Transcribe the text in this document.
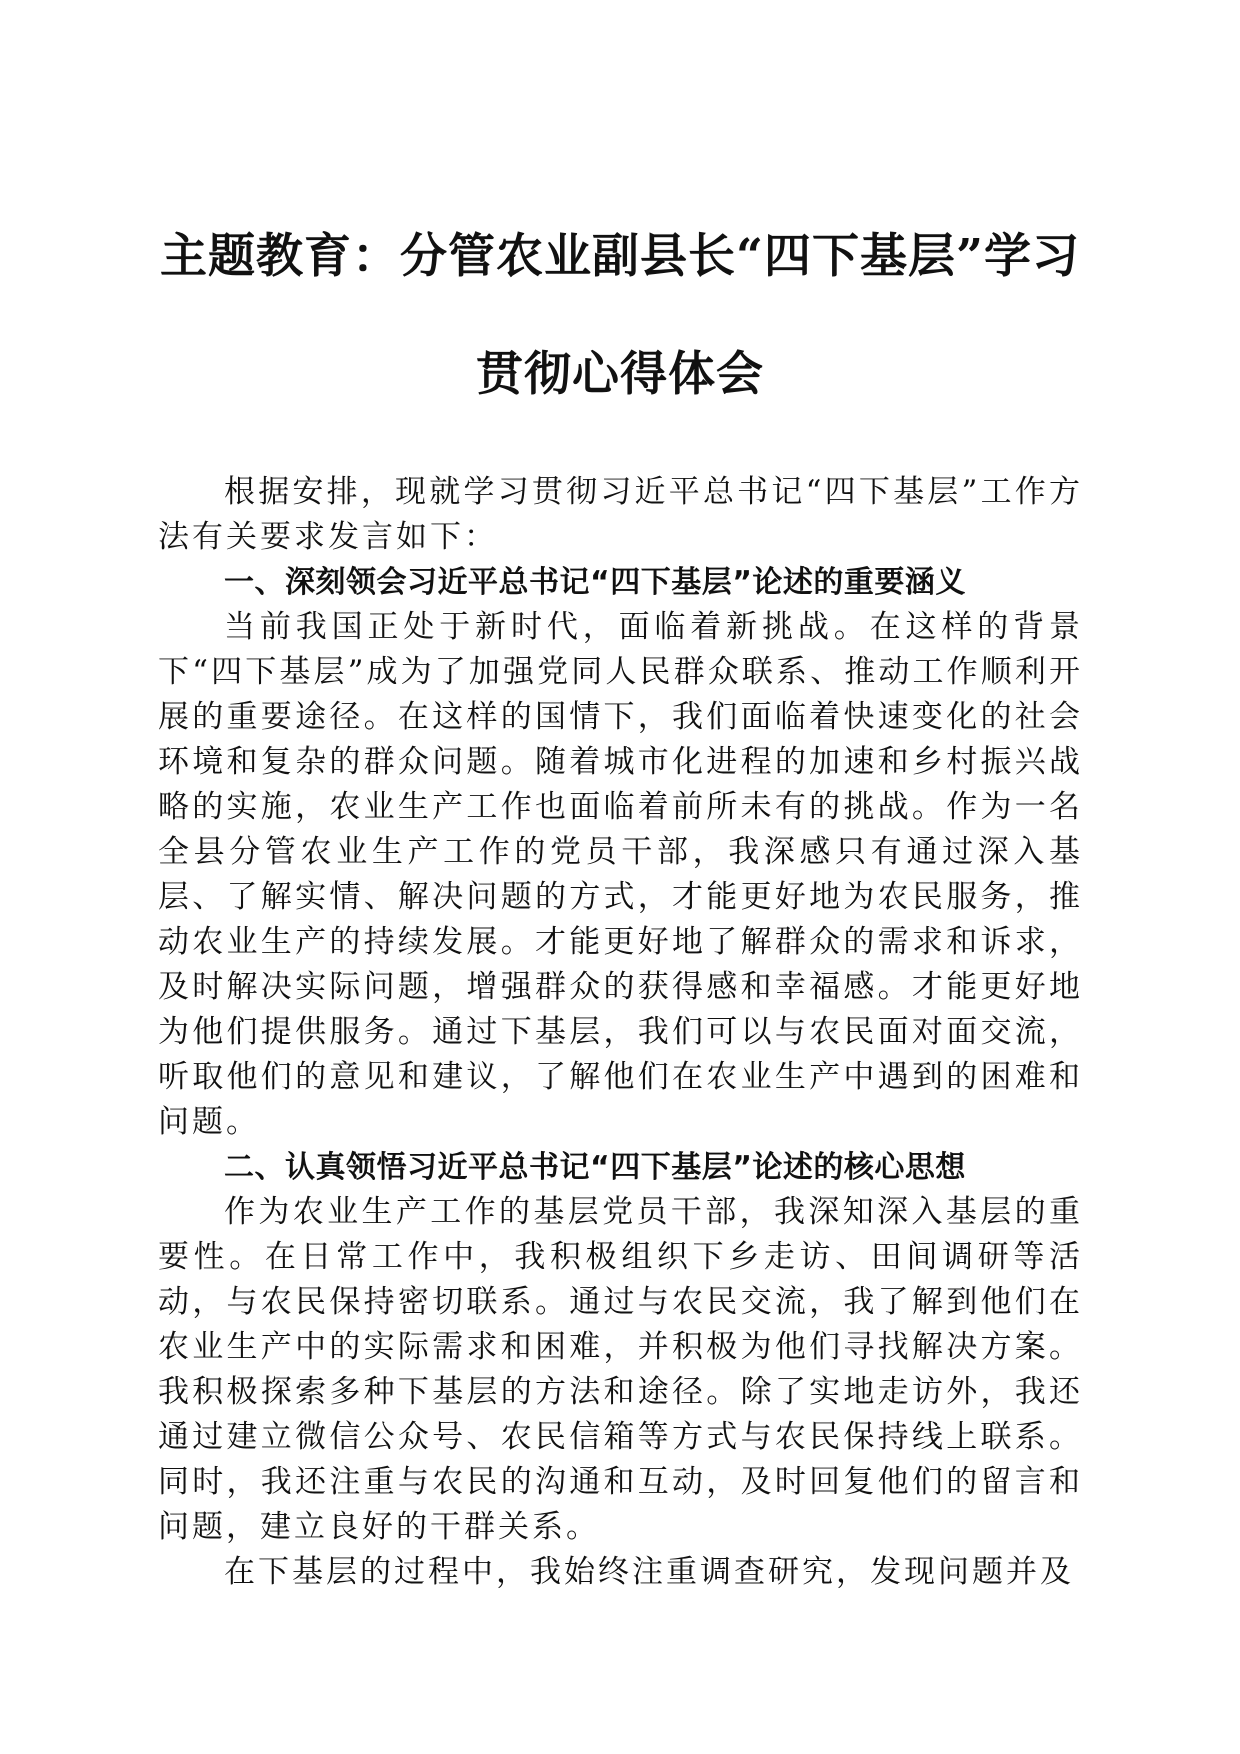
主题教育：分管农业副县长“四下基层”学习
贯彻心得体会

根据安排，现就学习贯彻习近平总书记“四下基层”工作方法有关要求发言如下：

一、深刻领会习近平总书记“四下基层”论述的重要涵义

当前我国正处于新时代，面临着新挑战。在这样的背景下“四下基层”成为了加强党同人民群众联系、推动工作顺利开展的重要途径。在这样的国情下，我们面临着快速变化的社会环境和复杂的群众问题。随着城市化进程的加速和乡村振兴战略的实施，农业生产工作也面临着前所未有的挑战。作为一名全县分管农业生产工作的党员干部，我深感只有通过深入基层、了解实情、解决问题的方式，才能更好地为农民服务，推动农业生产的持续发展。才能更好地了解群众的需求和诉求，及时解决实际问题，增强群众的获得感和幸福感。才能更好地为他们提供服务。通过下基层，我们可以与农民面对面交流，听取他们的意见和建议，了解他们在农业生产中遇到的困难和问题。

二、认真领悟习近平总书记“四下基层”论述的核心思想

作为农业生产工作的基层党员干部，我深知深入基层的重要性。在日常工作中，我积极组织下乡走访、田间调研等活动，与农民保持密切联系。通过与农民交流，我了解到他们在农业生产中的实际需求和困难，并积极为他们寻找解决方案。我积极探索多种下基层的方法和途径。除了实地走访外，我还通过建立微信公众号、农民信箱等方式与农民保持线上联系。同时，我还注重与农民的沟通和互动，及时回复他们的留言和问题，建立良好的干群关系。

在下基层的过程中，我始终注重调查研究，发现问题并及
